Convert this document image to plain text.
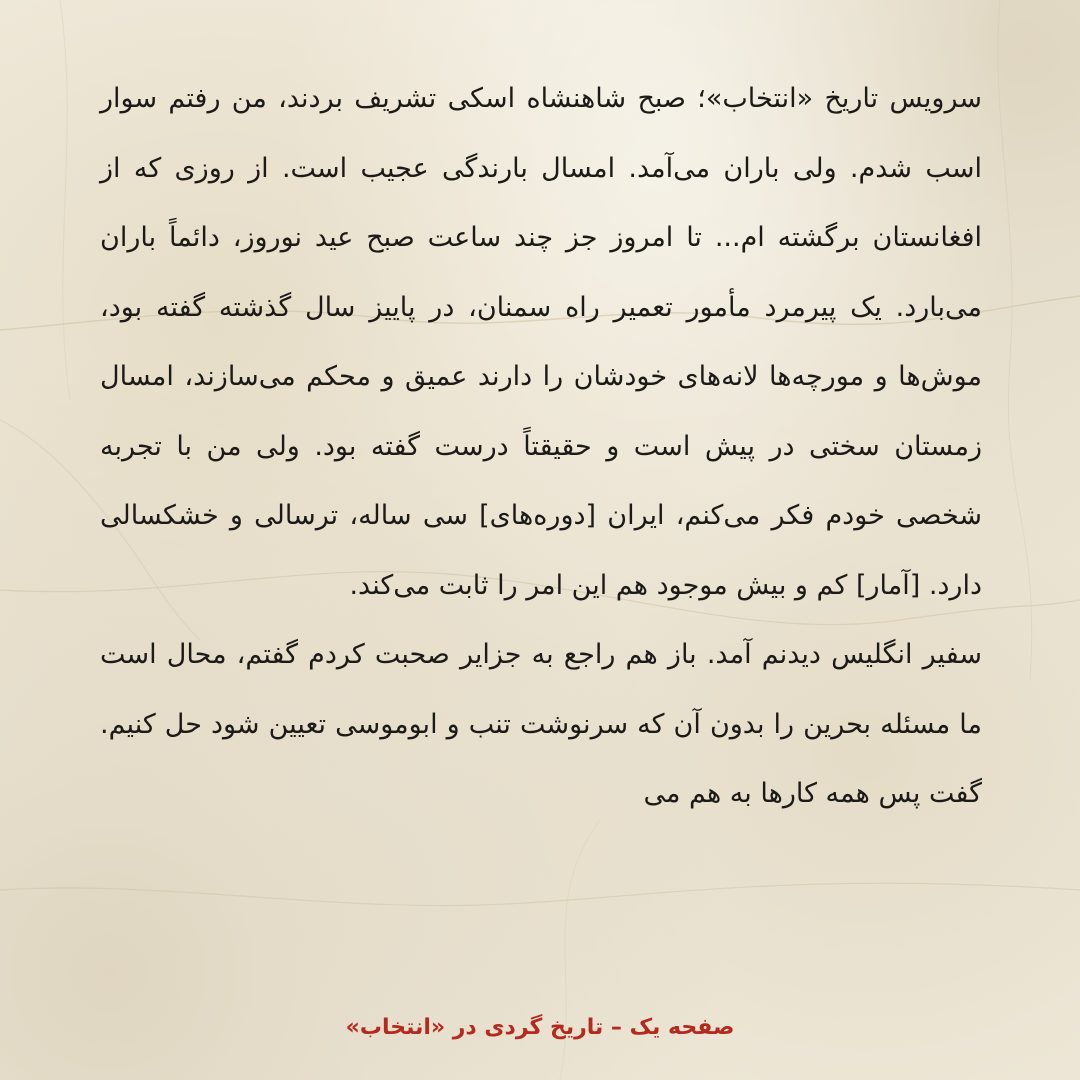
سرویس تاریخ «انتخاب»؛ صبح شاهنشاه اسکی تشریف بردند، من رفتم سوار اسب شدم. ولی باران می‌آمد. امسال بارندگی عجیب است. از روزی که از افغانستان برگشته ام... تا امروز جز چند ساعت صبح عید نوروز، دائماً باران می‌بارد. یک پیرمرد مأمور تعمیر راه سمنان، در پاییز سال گذشته گفته بود، موش‌ها و مورچه‌ها لانه‌های خودشان را دارند عمیق و محکم می‌سازند، امسال زمستان سختی در پیش است و حقیقتاً درست گفته بود. ولی من با تجربه شخصی خودم فکر می‌کنم، ایران [دوره‌های] سی ساله، ترسالی و خشکسالی دارد. [آمار] کم و بیش موجود هم این امر را ثابت می‌کند.

سفیر انگلیس دیدنم آمد. باز هم راجع به جزایر صحبت کردم گفتم، محال است ما مسئله بحرین را بدون آن که سرنوشت تنب و ابوموسی تعیین شود حل کنیم. گفت پس همه کارها به هم می

صفحه یک – تاریخ گردی در «انتخاب»
